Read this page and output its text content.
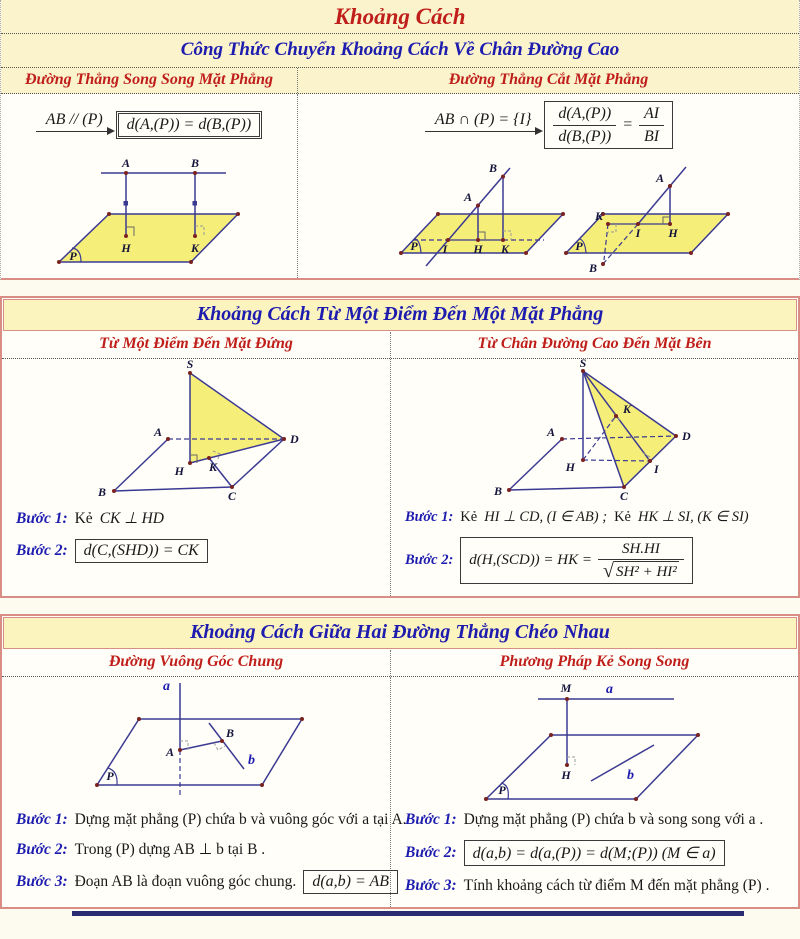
Khoảng Cách
Công Thức Chuyển Khoảng Cách Về Chân Đường Cao
Đường Thẳng Song Song Mặt Phẳng	Đường Thẳng Cắt Mặt Phẳng
AB // (P)	d(A,(P)) = d(B,(P))
A	B
H	K
P
AB ∩ (P) = {I}	$\frac{d(A,(P))}{d(B,(P))} = \frac{AI}{BI}$
B
A
I H K
P
A
B
I H
K
P
Khoảng Cách Từ Một Điểm Đến Một Mặt Phẳng
Từ Một Điểm Đến Mặt Đứng	Từ Chân Đường Cao Đến Mặt Bên
S
A
B	C
D
H K
Bước 1: Kẻ CK ⊥ HD
Bước 2:	d(C,(SHD)) = CK
S
A
B	C
D
H	I
K
Bước 1: Kẻ HI ⊥ CD, (I ∈ AB) ; Kẻ HK ⊥ SI, (K ∈ SI)
Bước 2: d(H,(SCD)) = HK = $\frac{SH.HI}{\text{√ SH² + HI²}}$
Khoảng Cách Giữa Hai Đường Thẳng Chéo Nhau
Đường Vuông Góc Chung	Phương Pháp Kẻ Song Song
a
b
A
B
P
Bước 1: Dựng mặt phẳng (P) chứa b và vuông góc với a tại A.
Bước 2: Trong (P) dựng AB ⊥ b tại B .
Bước 3: Đoạn AB là đoạn vuông góc chung.	d(a,b) = AB
M a
H	b
P
Bước 1: Dựng mặt phẳng (P) chứa b và song song với a .
Bước 2:	d(a,b) = d(a,(P)) = d(M;(P)) (M ∈ a)
Bước 3: Tính khoảng cách từ điểm M đến mặt phẳng (P) .
